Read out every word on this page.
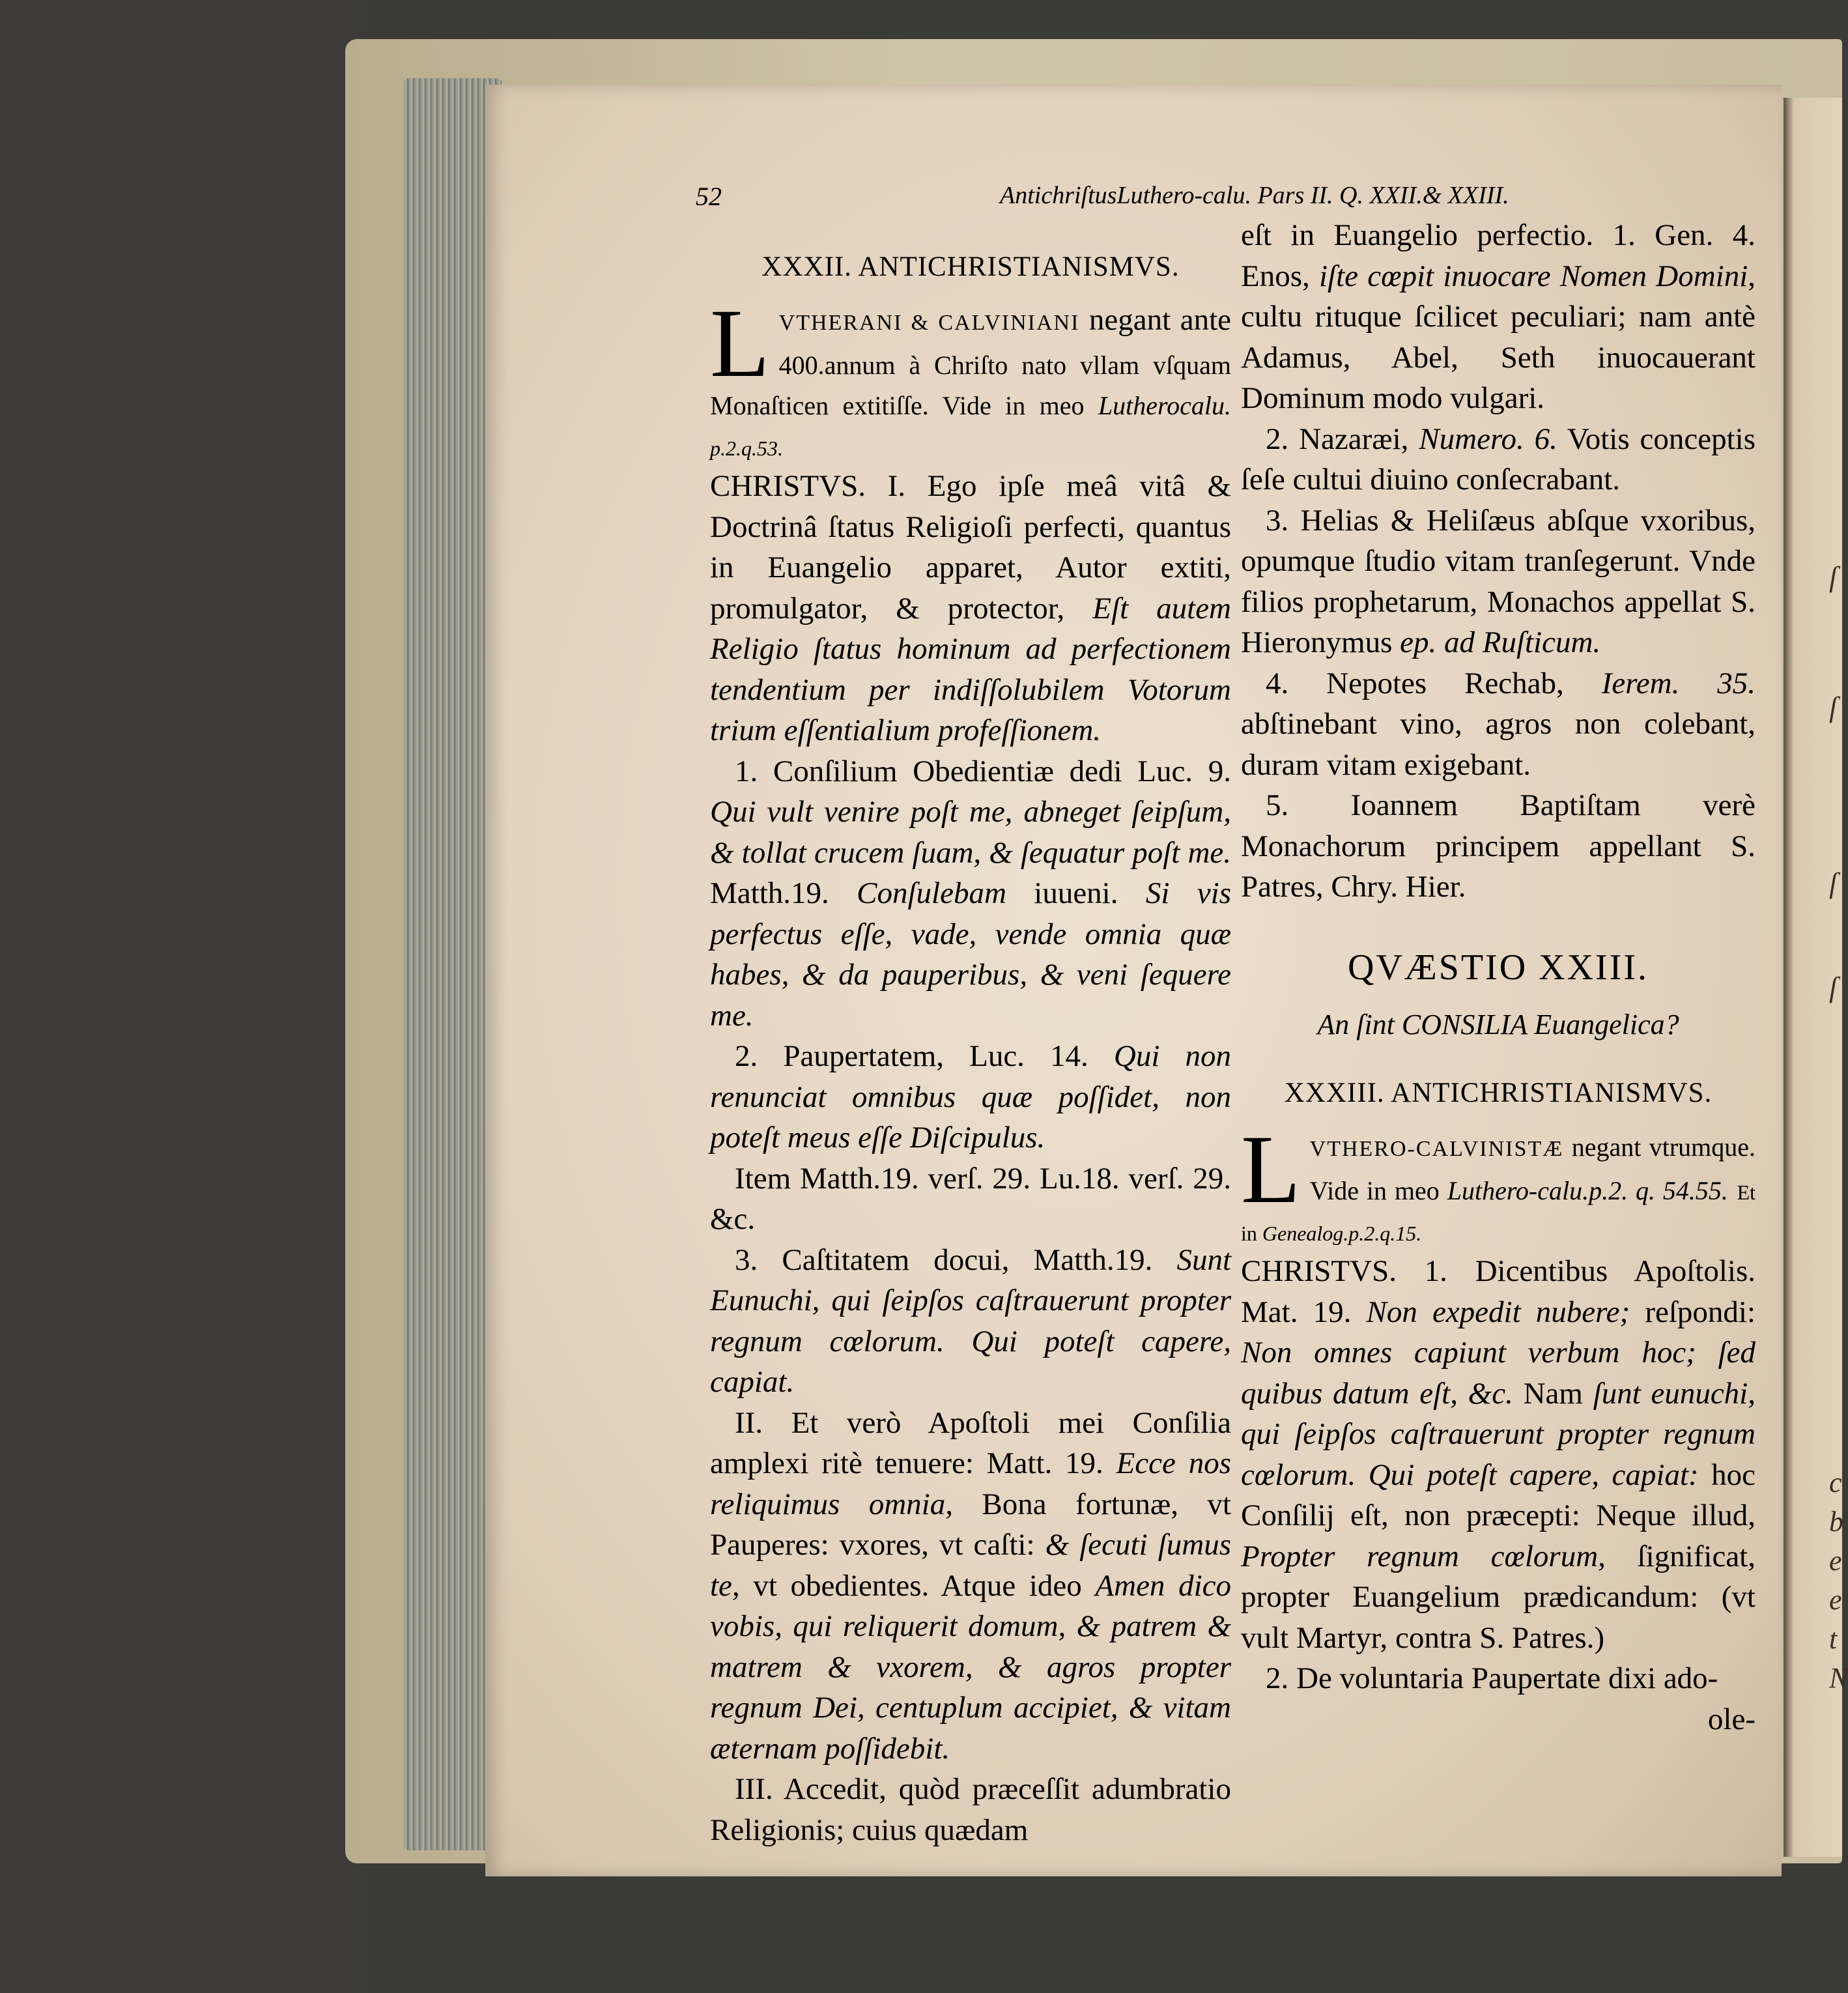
52	AntichriſtusLuthero-calu. Pars II. Q. XXII.& XXIII.
XXXII. ANTICHRISTIANISMVS.

LVTHERANI & CALVINIANI negant ante 400.annum à Chriſto nato vllam vſquam Monaſticen extitiſſe. Vide in meo Lutherocalu. p.2.q.53.

CHRISTVS. I. Ego ipſe meâ vitâ & Doctrinâ ſtatus Religioſi perfecti, quantus in Euangelio apparet, Autor extiti, promulgator, & protector, Eſt autem Religio ſtatus hominum ad perfectionem tendentium per indiſſolubilem Votorum trium eſſentialium profeſſionem.

1. Conſilium Obedientiæ dedi Luc. 9. Qui vult venire poſt me, abneget ſeipſum, & tollat crucem ſuam, & ſequatur poſt me. Matth.19. Conſulebam iuueni. Si vis perfectus eſſe, vade, vende omnia quæ habes, & da pauperibus, & veni ſequere me.

2. Paupertatem, Luc. 14. Qui non renunciat omnibus quæ poſſidet, non poteſt meus eſſe Diſcipulus.

Item Matth.19. verſ. 29. Lu.18. verſ. 29. &c.

3. Caſtitatem docui, Matth.19. Sunt Eunuchi, qui ſeipſos caſtrauerunt propter regnum cœlorum. Qui poteſt capere, capiat.

II. Et verò Apoſtoli mei Conſilia amplexi ritè tenuere: Matt. 19. Ecce nos reliquimus omnia, Bona fortunæ, vt Pauperes: vxores, vt caſti: & ſecuti ſumus te, vt obedientes. Atque ideo Amen dico vobis, qui reliquerit domum, & patrem & matrem & vxorem, & agros propter regnum Dei, centuplum accipiet, & vitam æternam poſſidebit.

III. Accedit, quòd præceſſit adumbratio Religionis; cuius quædam

eſt in Euangelio perfectio. 1. Gen. 4. Enos, iſte cœpit inuocare Nomen Domini, cultu rituque ſcilicet peculiari; nam antè Adamus, Abel, Seth inuocauerant Dominum modo vulgari.

2. Nazaræi, Numero. 6. Votis conceptis ſeſe cultui diuino conſecrabant.

3. Helias & Heliſæus abſque vxoribus, opumque ſtudio vitam tranſegerunt. Vnde filios prophetarum, Monachos appellat S. Hieronymus ep. ad Ruſticum.

4. Nepotes Rechab, Ierem. 35. abſtinebant vino, agros non colebant, duram vitam exigebant.

5. Ioannem Baptiſtam verè Monachorum principem appellant S. Patres, Chry. Hier.

QVÆSTIO XXIII.
An ſint CONSILIA Euangelica?
XXXIII. ANTICHRISTIANISMVS.

LVTHERO-CALVINISTÆ negant vtrumque. Vide in meo Luthero-calu.p.2. q. 54.55. Et in Genealog.p.2.q.15.

CHRISTVS. 1. Dicentibus Apoſtolis. Mat. 19. Non expedit nubere; reſpondi: Non omnes capiunt verbum hoc; ſed quibus datum eſt, &c. Nam ſunt eunuchi, qui ſeipſos caſtrauerunt propter regnum cœlorum. Qui poteſt capere, capiat: hoc Conſilij eſt, non præcepti: Neque illud, Propter regnum cœlorum, ſignificat, propter Euangelium prædicandum: (vt vult Martyr, contra S. Patres.)

2. De voluntaria Paupertate dixi ado-

ole-

ſ
ſ
ſ
ſ
c
b
e
e
t
N
